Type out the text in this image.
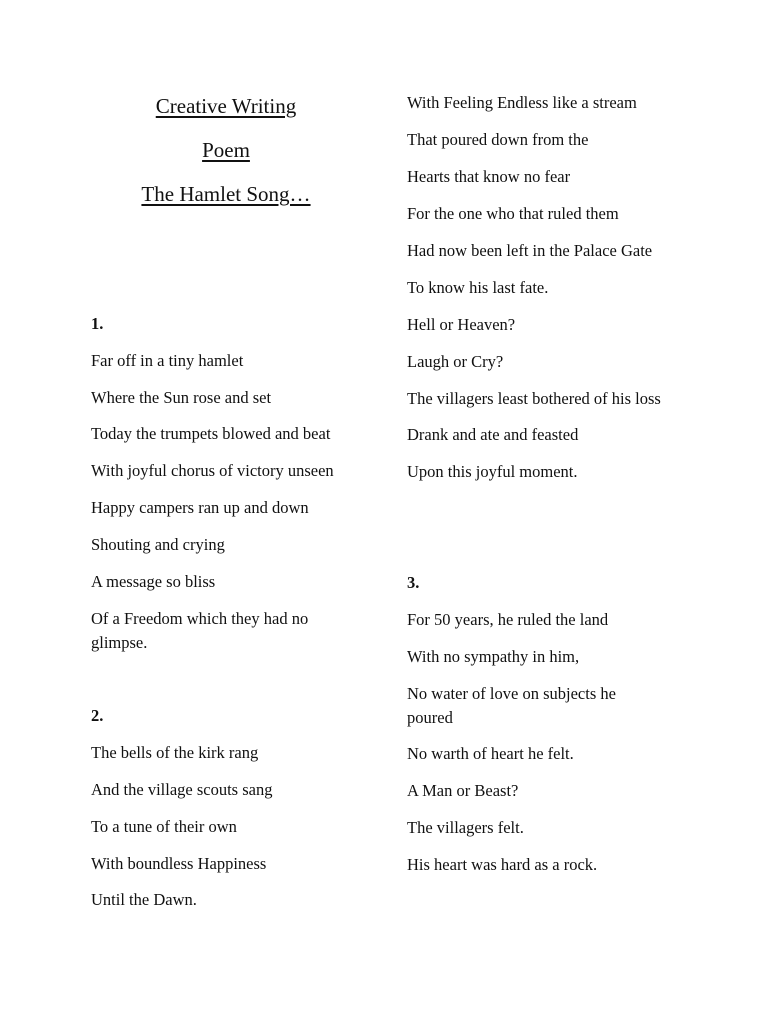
Creative Writing
Poem
The Hamlet Song…
1.
Far off in a tiny hamlet
Where the Sun rose and set
Today the trumpets blowed and beat
With joyful chorus of victory unseen
Happy campers ran up and down
Shouting and crying
A message so bliss
Of a Freedom which they had no glimpse.
2.
The bells of the kirk rang
And the village scouts sang
To a tune of their own
With boundless Happiness
Until the Dawn.
With Feeling Endless like a stream
That poured down from the
Hearts that know no fear
For the one who that ruled them
Had now been left in the Palace Gate
To know his last fate.
Hell or Heaven?
Laugh or Cry?
The villagers least bothered of his loss
Drank and ate and feasted
Upon this joyful moment.
3.
For 50 years, he ruled the land
With no sympathy in him,
No water of love on subjects he poured
No warth of heart he felt.
A Man or Beast?
The villagers felt.
His heart was hard as a rock.
